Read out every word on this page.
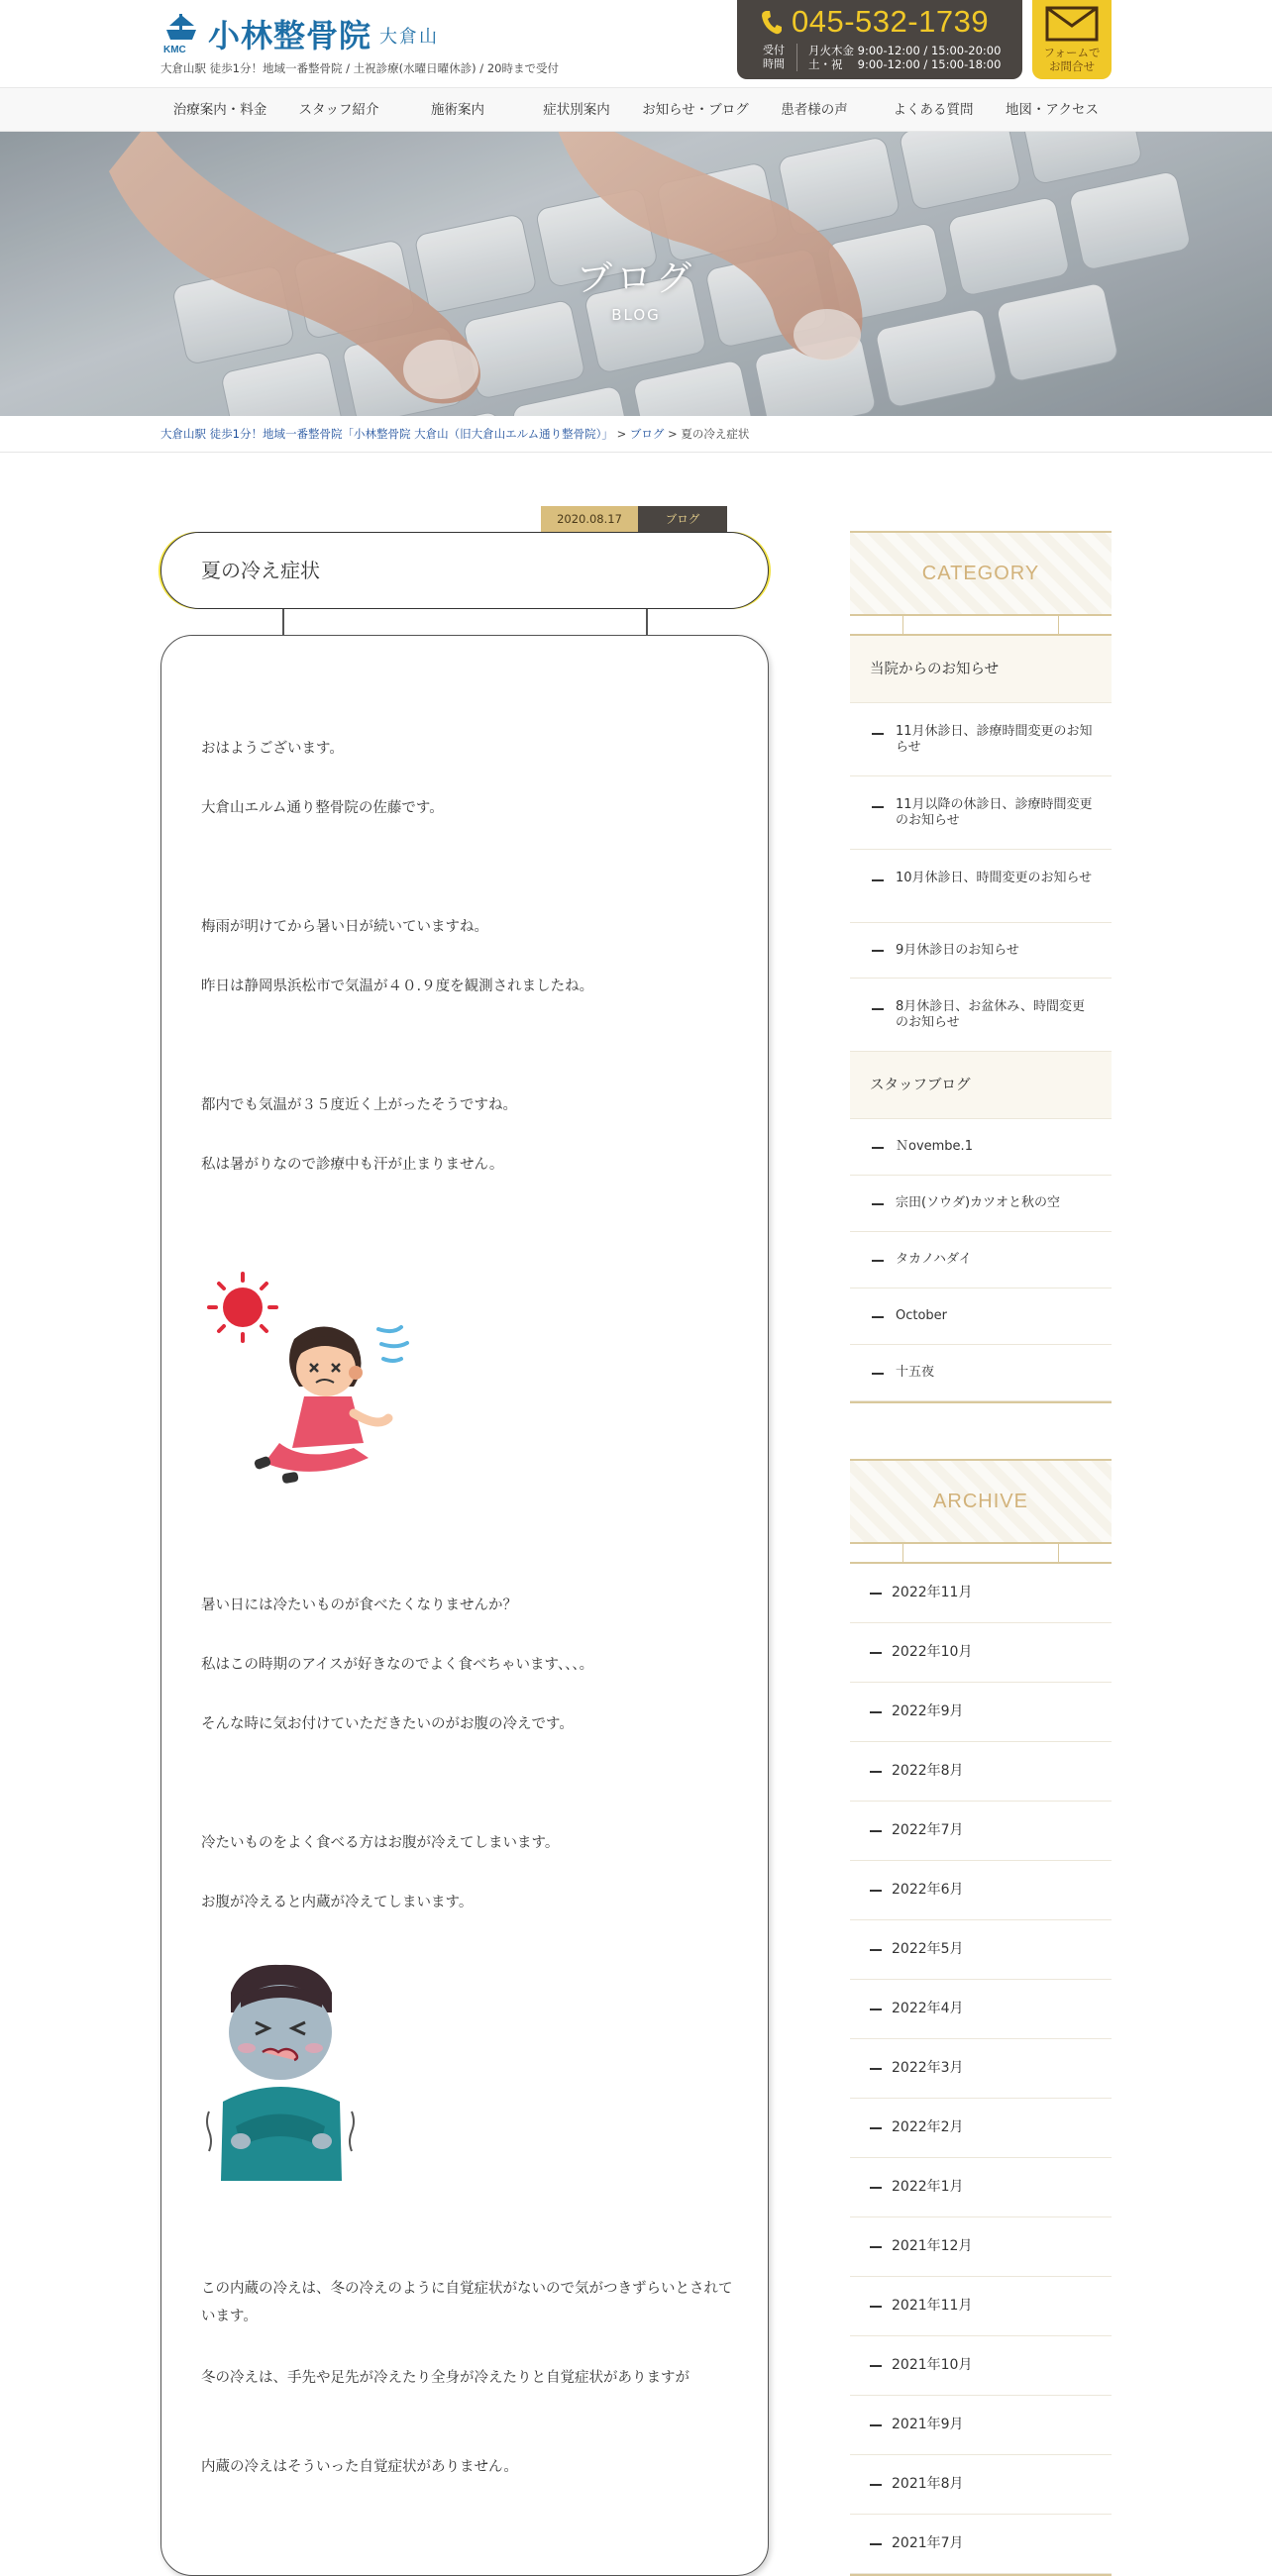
KMC 小林整骨院 大倉山
大倉山駅 徒歩1分！地域一番整骨院 / 土祝診療(水曜日曜休診) / 20時まで受付
045-532-1739
受付
時間
月火木金 9:00-12:00 / 15:00-20:00
土・祝　 9:00-12:00 / 15:00-18:00
フォームで
お問合せ
治療案内・料金	スタッフ紹介	施術案内	症状別案内	お知らせ・ブログ	患者様の声	よくある質問	地図・アクセス
ブログ
BLOG
大倉山駅 徒歩1分！地域一番整骨院「小林整骨院 大倉山（旧大倉山エルム通り整骨院）」 > ブログ > 夏の冷え症状
2020.08.17	ブログ
夏の冷え症状
おはようございます。
大倉山エルム通り整骨院の佐藤です。
梅雨が明けてから暑い日が続いていますね。
昨日は静岡県浜松市で気温が４０.９度を観測されましたね。
都内でも気温が３５度近く上がったそうですね。
私は暑がりなので診療中も汗が止まりません。
暑い日には冷たいものが食べたくなりませんか？
私はこの時期のアイスが好きなのでよく食べちゃいます、、、。
そんな時に気お付けていただきたいのがお腹の冷えです。
冷たいものをよく食べる方はお腹が冷えてしまいます。
お腹が冷えると内蔵が冷えてしまいます。
この内蔵の冷えは、冬の冷えのように自覚症状がないので気がつきずらいとされています。
冬の冷えは、手先や足先が冷えたり全身が冷えたりと自覚症状がありますが
内蔵の冷えはそういった自覚症状がありません。
CATEGORY
当院からのお知らせ
11月休診日、診療時間変更のお知らせ
11月以降の休診日、診療時間変更のお知らせ
10月休診日、時間変更のお知らせ
9月休診日のお知らせ
8月休診日、お盆休み、時間変更のお知らせ
スタッフブログ
Ｎovembe.1
宗田(ソウダ)カツオと秋の空
タカノハダイ
October
十五夜
ARCHIVE
2022年11月
2022年10月
2022年9月
2022年8月
2022年7月
2022年6月
2022年5月
2022年4月
2022年3月
2022年2月
2022年1月
2021年12月
2021年11月
2021年10月
2021年9月
2021年8月
2021年7月
